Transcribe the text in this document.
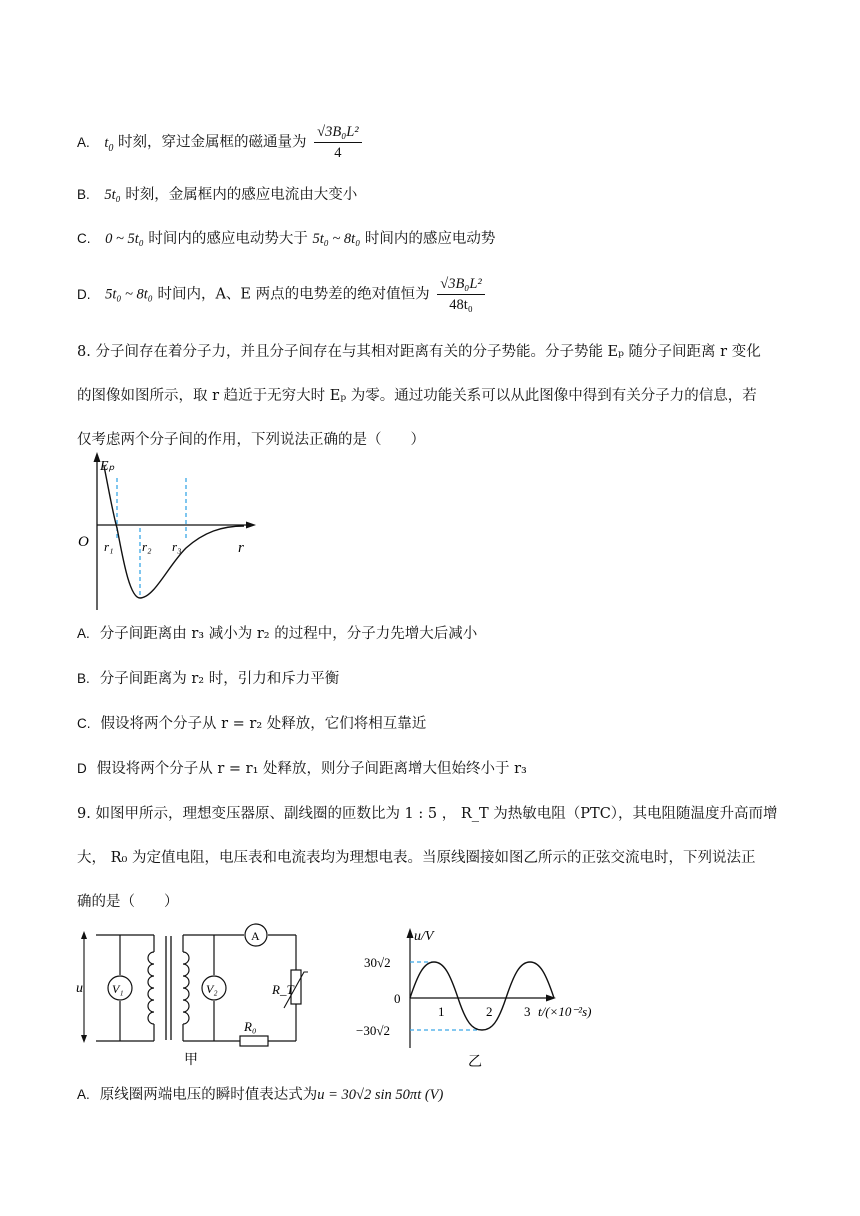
A. $t_0$ 时刻，穿过金属框的磁通量为 $\frac{\text{√3B₀L²}}{4}$
B. 5t₀ 时刻，金属框内的感应电流由大变小
C. 0 ~ 5t₀ 时间内的感应电动势大于 5t₀ ~ 8t₀ 时间内的感应电动势
D. 5t₀ ~ 8t₀ 时间内，A、E 两点的电势差的绝对值恒为 $\frac{\text{√3B₀L²}}{\text{48t₀}}$
8. 分子间存在着分子力，并且分子间存在与其相对距离有关的分子势能。分子势能 Eₚ 随分子间距离 r 变化
的图像如图所示，取 r 趋近于无穷大时 Eₚ 为零。通过功能关系可以从此图像中得到有关分子力的信息，若
仅考虑两个分子间的作用，下列说法正确的是（　　）
Eₚ
O	r
r₁ r₂ r₃
A. 分子间距离由 r₃ 减小为 r₂ 的过程中，分子力先增大后减小
B. 分子间距离为 r₂ 时，引力和斥力平衡
C. 假设将两个分子从 r = r₂ 处释放，它们将相互靠近
D 假设将两个分子从 r = r₁ 处释放，则分子间距离增大但始终小于 r₃
9. 如图甲所示，理想变压器原、副线圈的匝数比为 1 : 5 ， R_T 为热敏电阻（PTC），其电阻随温度升高而增
大， R₀ 为定值电阻，电压表和电流表均为理想电表。当原线圈接如图乙所示的正弦交流电时，下列说法正
确的是（　　）
u V₁
A
R₀
V₂	R_T
甲
u/V
30√2
−30√2
0
1	2 3 t/(×10⁻²s)
乙
A. 原线圈两端电压的瞬时值表达式为u = 30√2 sin 50πt (V)
